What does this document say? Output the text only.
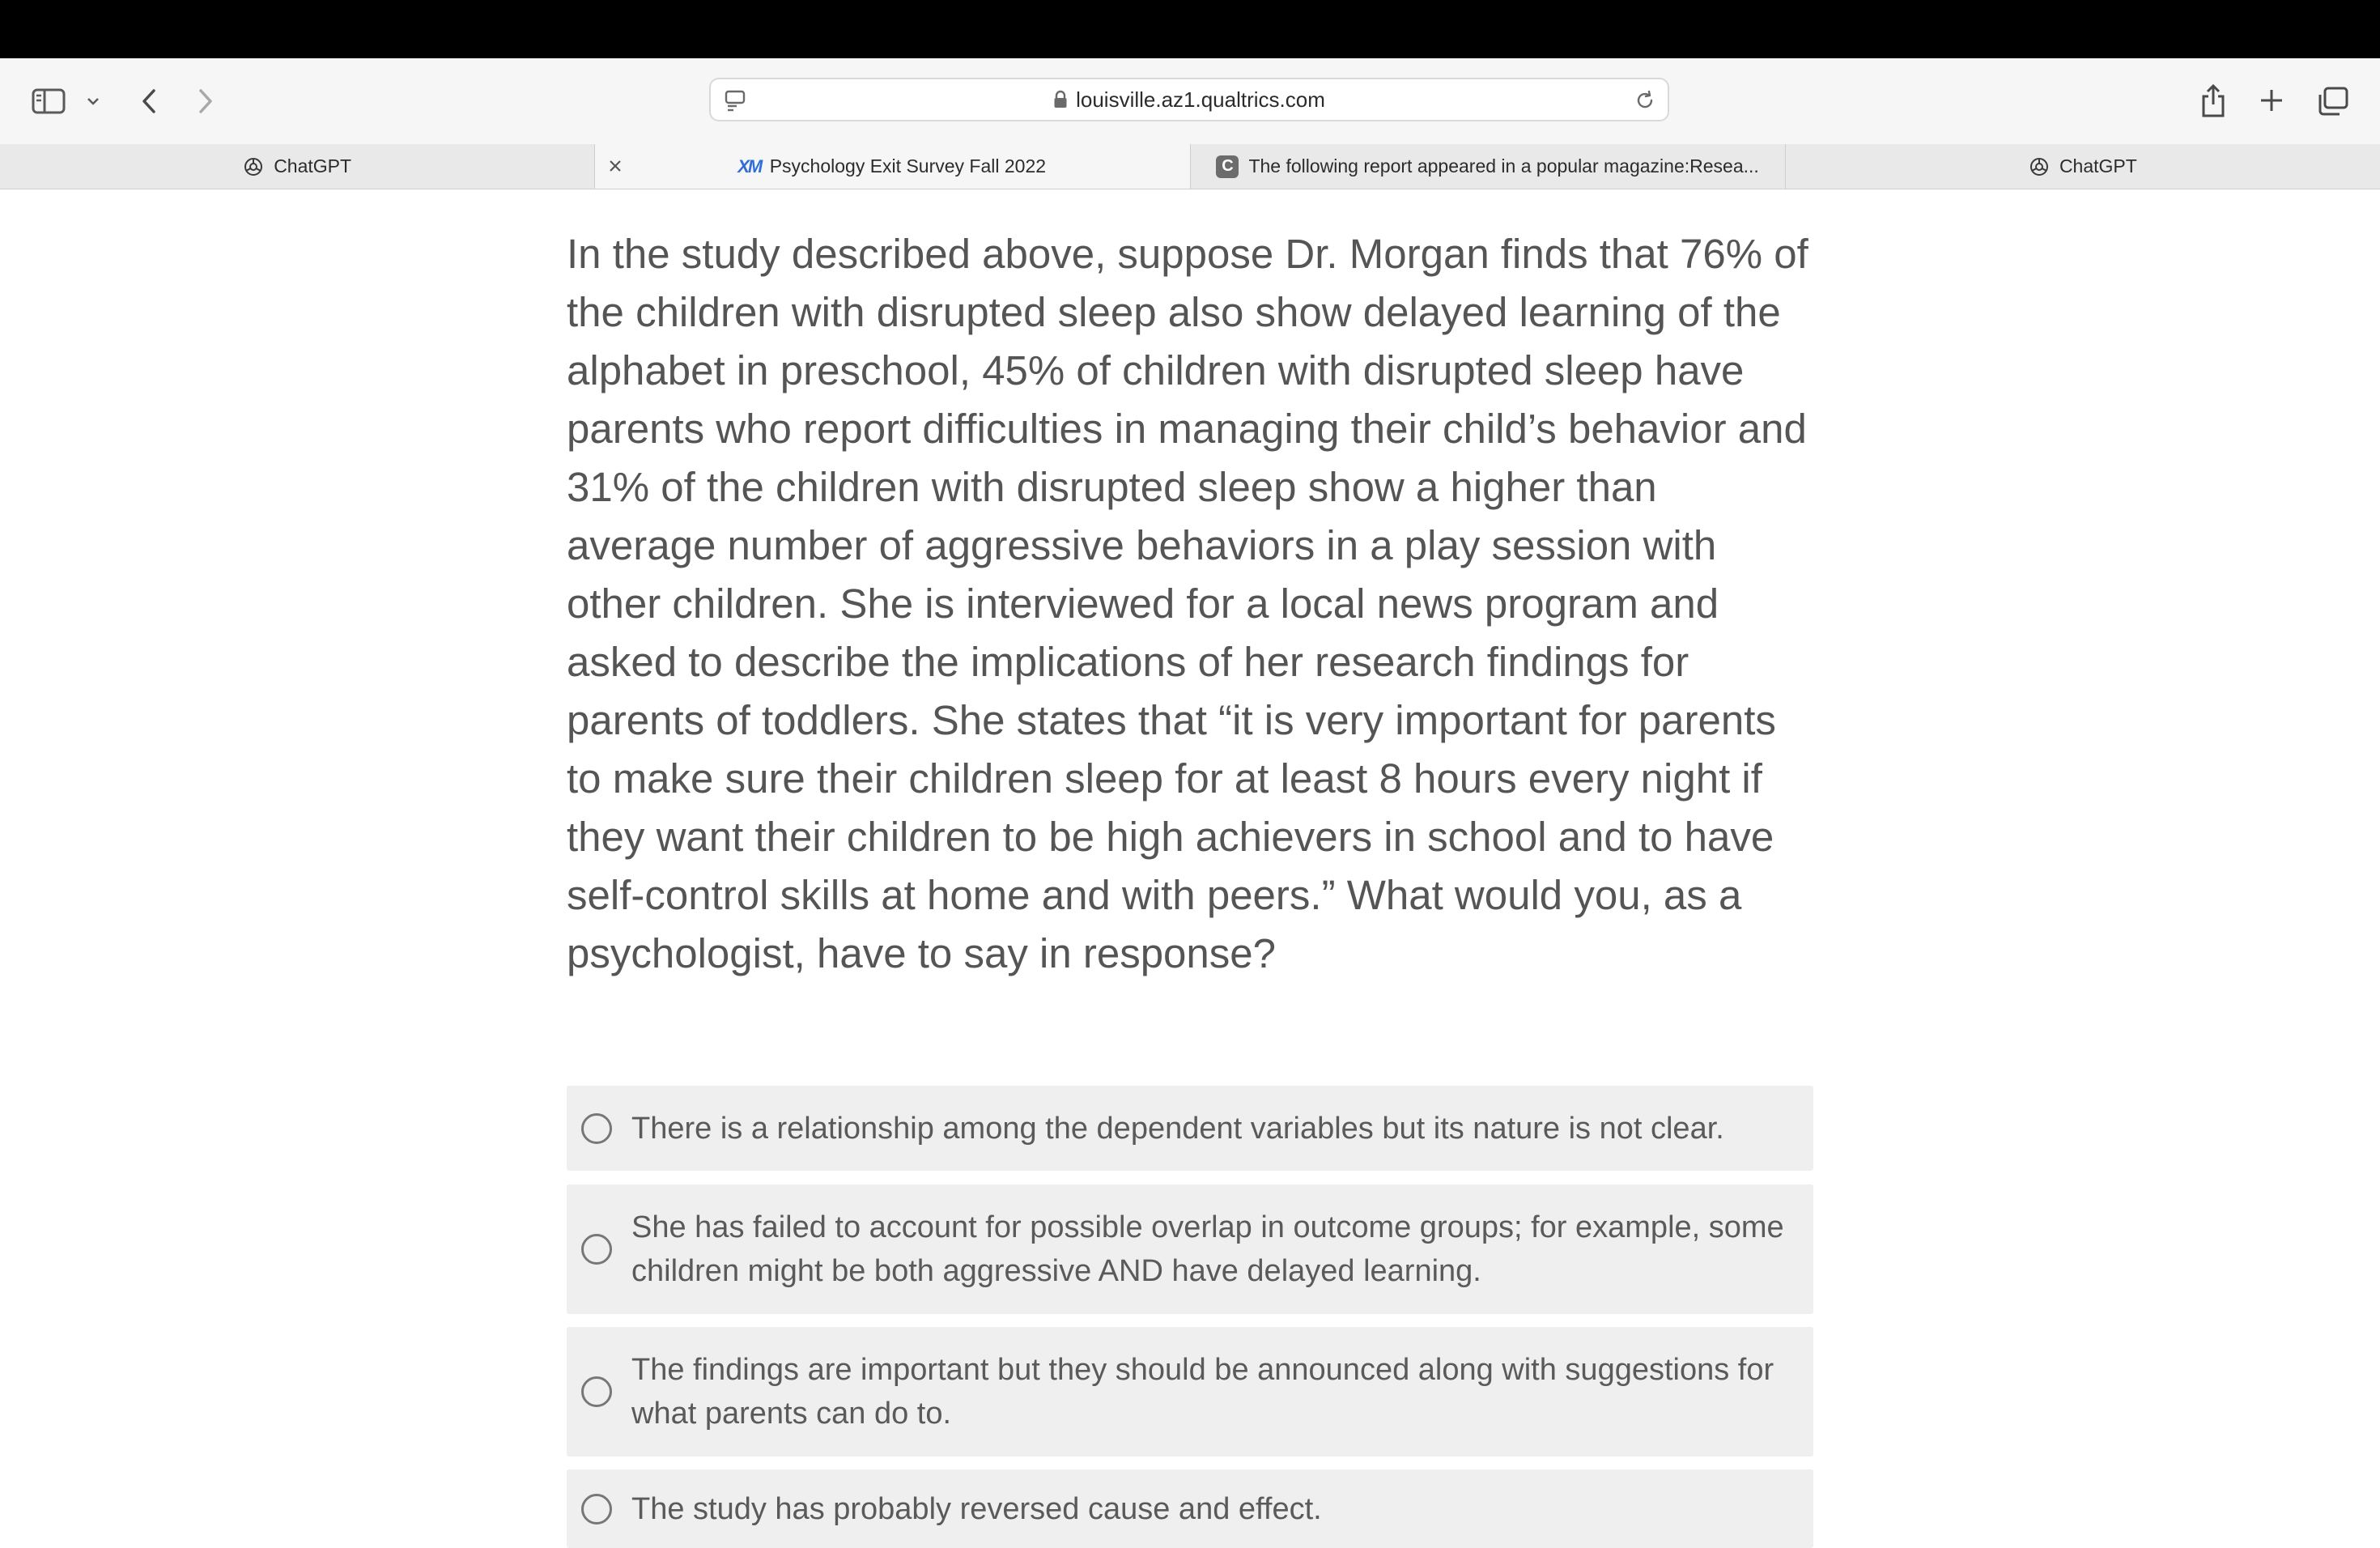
louisville.az1.qualtrics.com
ChatGPT	XM Psychology Exit Survey Fall 2022	C The following report appeared in a popular magazine:Resea...	ChatGPT

In the study described above, suppose Dr. Morgan finds that 76% of the children with disrupted sleep also show delayed learning of the alphabet in preschool, 45% of children with disrupted sleep have parents who report difficulties in managing their child’s behavior and 31% of the children with disrupted sleep show a higher than average number of aggressive behaviors in a play session with other children. She is interviewed for a local news program and asked to describe the implications of her research findings for parents of toddlers. She states that “it is very important for parents to make sure their children sleep for at least 8 hours every night if they want their children to be high achievers in school and to have self-control skills at home and with peers.” What would you, as a psychologist, have to say in response?

There is a relationship among the dependent variables but its nature is not clear.
She has failed to account for possible overlap in outcome groups; for example, some children might be both aggressive AND have delayed learning.
The findings are important but they should be announced along with suggestions for what parents can do to.
The study has probably reversed cause and effect.
